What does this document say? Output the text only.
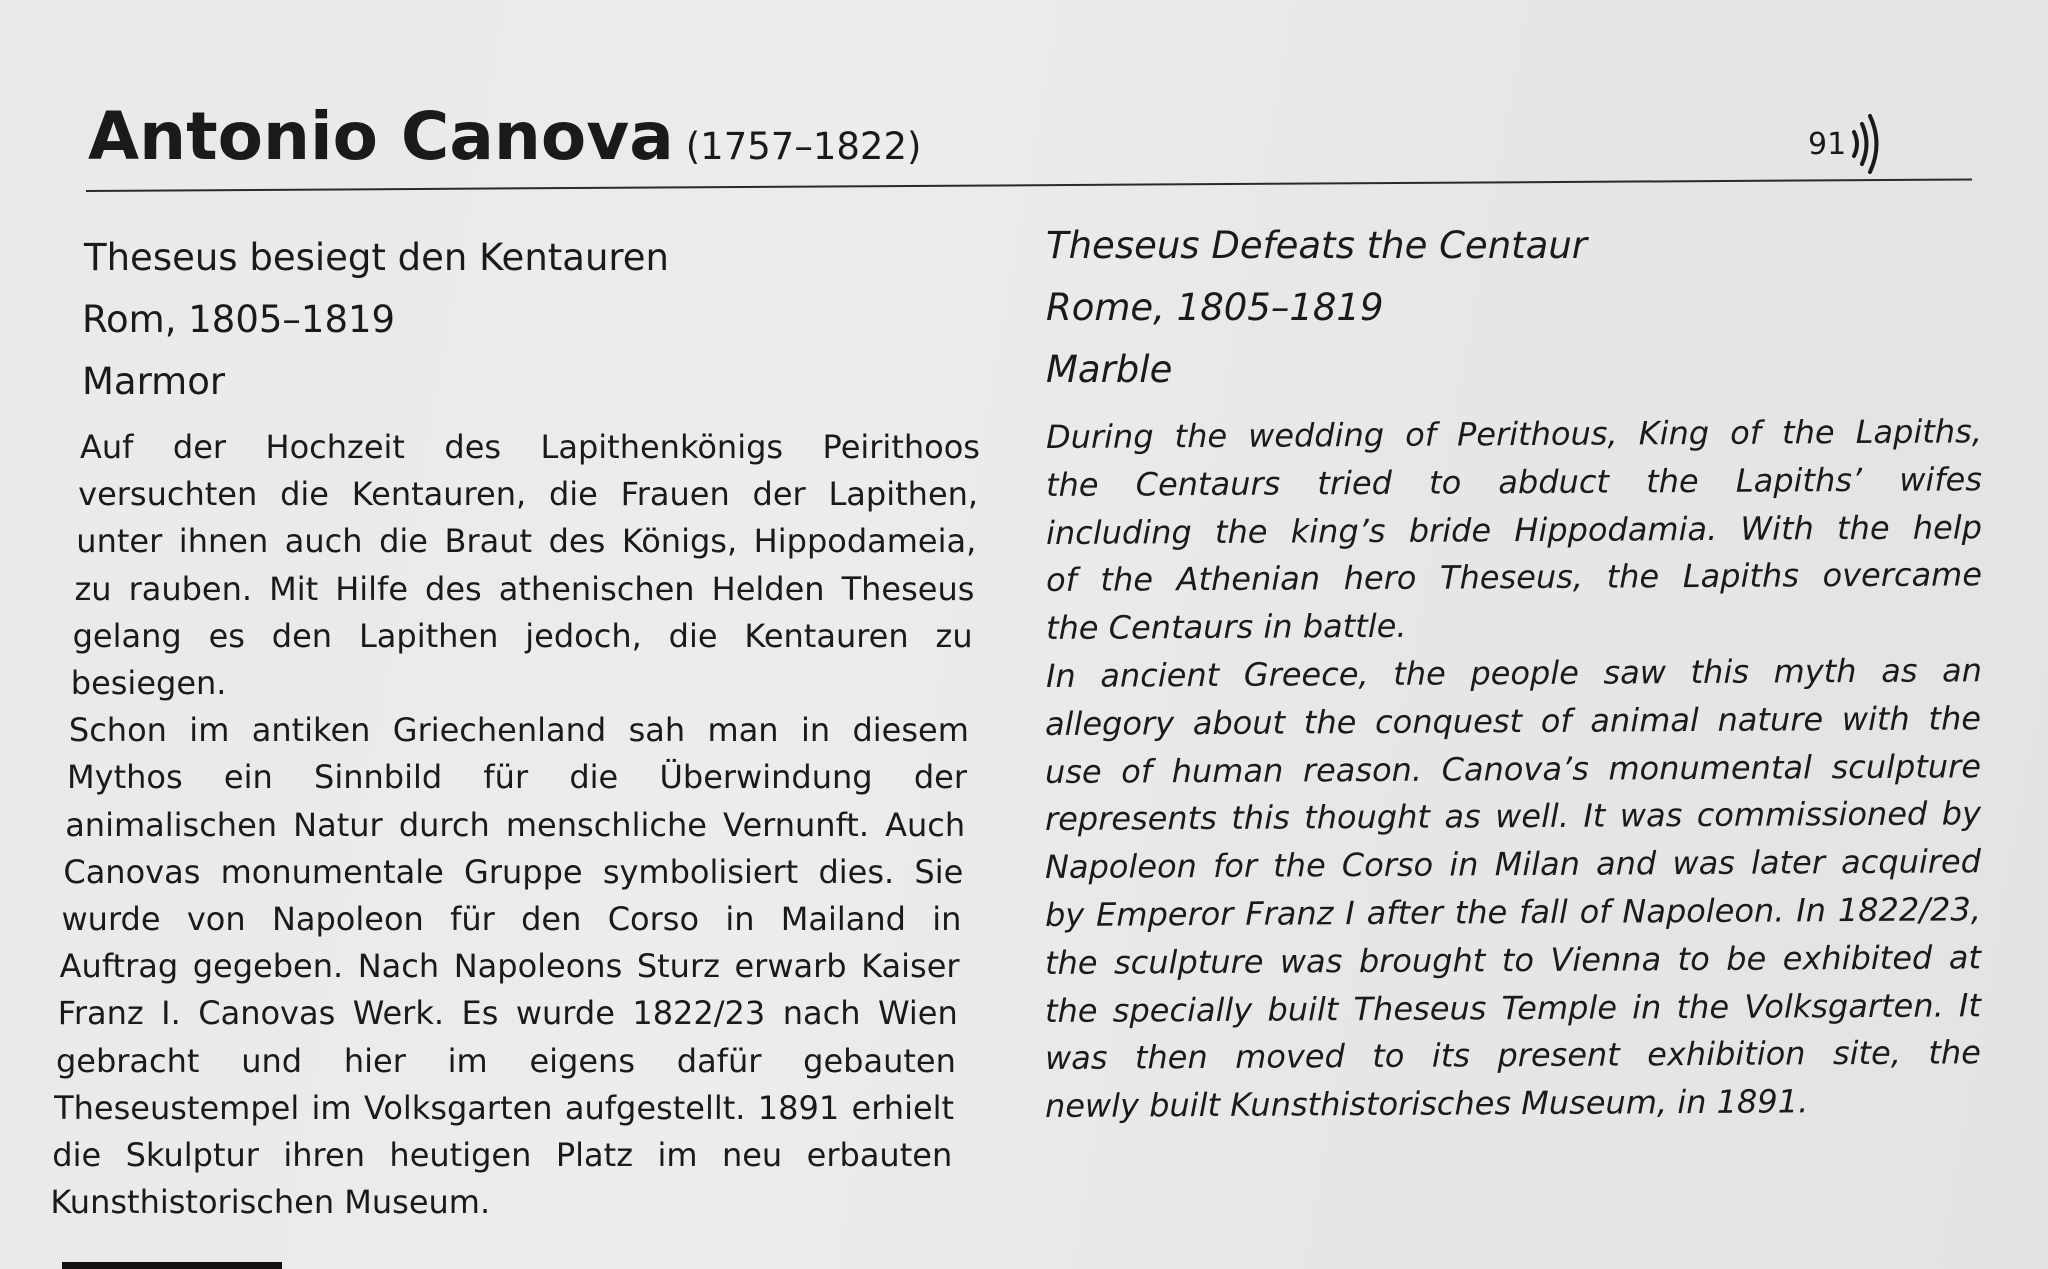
Antonio Canova (1757–1822)	91
Theseus besiegt den Kentauren
Rom, 1805–1819
Marmor
Auf der Hochzeit des Lapithenkönigs Peirithoos
versuchten die Kentauren, die Frauen der Lapithen,
unter ihnen auch die Braut des Königs, Hippodameia,
zu rauben. Mit Hilfe des athenischen Helden Theseus
gelang es den Lapithen jedoch, die Kentauren zu
besiegen.
Schon im antiken Griechenland sah man in diesem
Mythos ein Sinnbild für die Überwindung der
animalischen Natur durch menschliche Vernunft. Auch
Canovas monumentale Gruppe symbolisiert dies. Sie
wurde von Napoleon für den Corso in Mailand in
Auftrag gegeben. Nach Napoleons Sturz erwarb Kaiser
Franz I. Canovas Werk. Es wurde 1822/23 nach Wien
gebracht und hier im eigens dafür gebauten
Theseustempel im Volksgarten aufgestellt. 1891 erhielt
die Skulptur ihren heutigen Platz im neu erbauten
Kunsthistorischen Museum.
Theseus Defeats the Centaur
Rome, 1805–1819
Marble
During the wedding of Perithous, King of the Lapiths,
the Centaurs tried to abduct the Lapiths’ wifes
including the king’s bride Hippodamia. With the help
of the Athenian hero Theseus, the Lapiths overcame
the Centaurs in battle.
In ancient Greece, the people saw this myth as an
allegory about the conquest of animal nature with the
use of human reason. Canova’s monumental sculpture
represents this thought as well. It was commissioned by
Napoleon for the Corso in Milan and was later acquired
by Emperor Franz I after the fall of Napoleon. In 1822/23,
the sculpture was brought to Vienna to be exhibited at
the specially built Theseus Temple in the Volksgarten. It
was then moved to its present exhibition site, the
newly built Kunsthistorisches Museum, in 1891.
